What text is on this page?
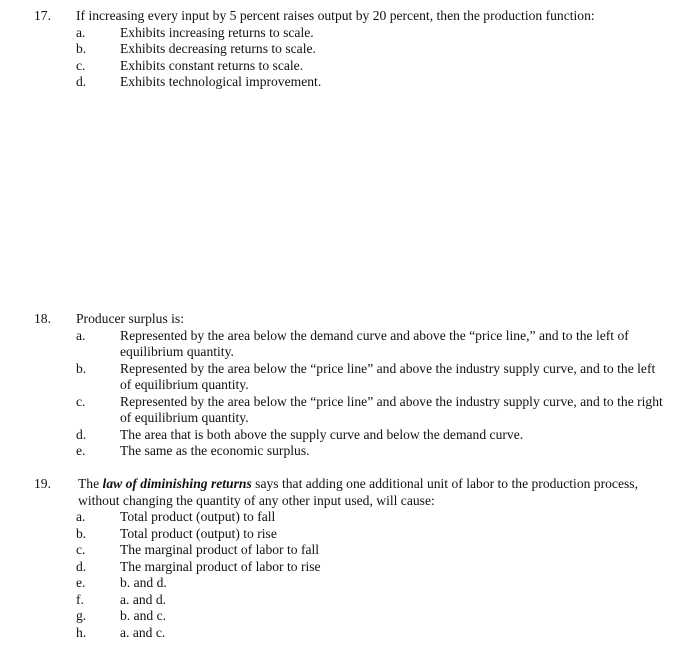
17. If increasing every input by 5 percent raises output by 20 percent, then the production function:
a.	Exhibits increasing returns to scale.
b.	Exhibits decreasing returns to scale.
c.	Exhibits constant returns to scale.
d.	Exhibits technological improvement.
18. Producer surplus is:
a.	Represented by the area below the demand curve and above the “price line,” and to the left of equilibrium quantity.
b.	Represented by the area below the “price line” and above the industry supply curve, and to the left of equilibrium quantity.
c.	Represented by the area below the “price line” and above the industry supply curve, and to the right of equilibrium quantity.
d.	The area that is both above the supply curve and below the demand curve.
e.	The same as the economic surplus.
19. The law of diminishing returns says that adding one additional unit of labor to the production process, without changing the quantity of any other input used, will cause:
a.	Total product (output) to fall
b.	Total product (output) to rise
c.	The marginal product of labor to fall
d.	The marginal product of labor to rise
e.	b. and d.
f.	a. and d.
g.	b. and c.
h.	a. and c.
